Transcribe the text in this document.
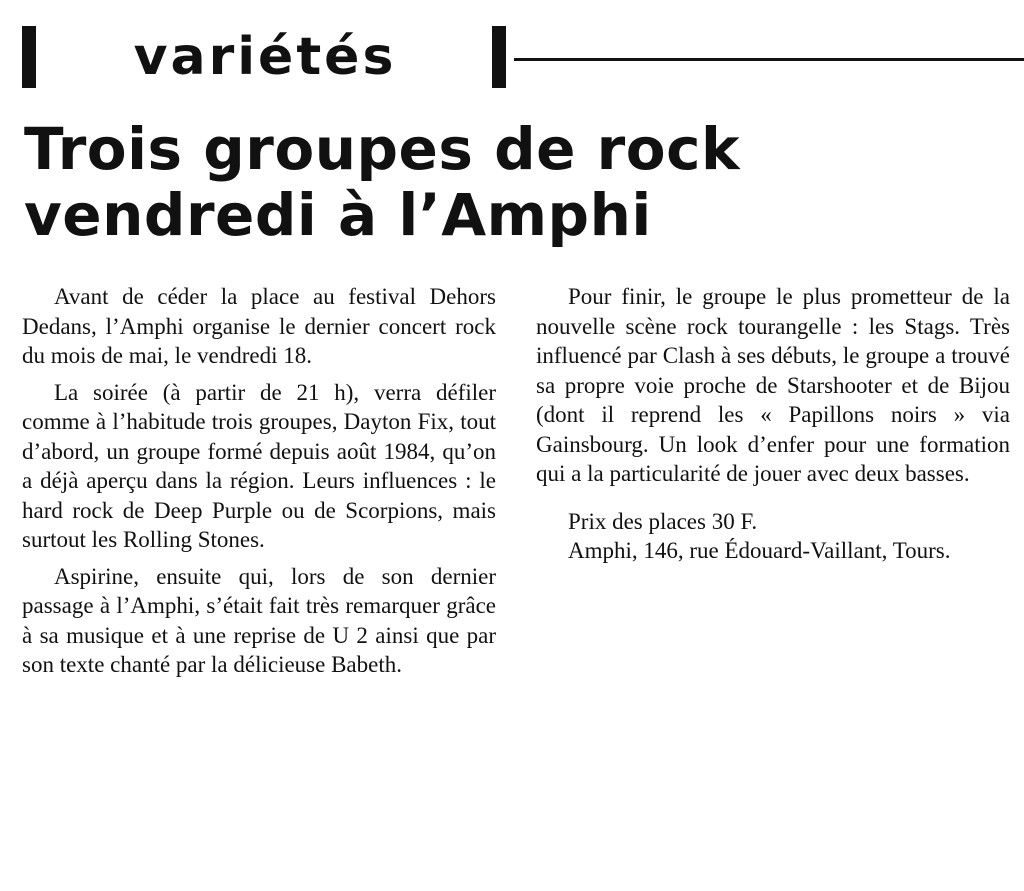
variétés
Trois groupes de rock
vendredi à l’Amphi

Avant de céder la place au festival Dehors Dedans, l’Amphi organise le dernier concert rock du mois de mai, le vendredi 18.

La soirée (à partir de 21 h), verra défiler comme à l’habitude trois groupes, Dayton Fix, tout d’abord, un groupe formé depuis août 1984, qu’on a déjà aperçu dans la région. Leurs influences : le hard rock de Deep Purple ou de Scorpions, mais surtout les Rolling Stones.

Aspirine, ensuite qui, lors de son dernier passage à l’Amphi, s’était fait très remarquer grâce à sa musique et à une reprise de U 2 ainsi que par son texte chanté par la délicieuse Babeth.

Pour finir, le groupe le plus prometteur de la nouvelle scène rock tourangelle : les Stags. Très influencé par Clash à ses débuts, le groupe a trouvé sa propre voie proche de Starshooter et de Bijou (dont il reprend les « Papillons noirs » via Gainsbourg. Un look d’enfer pour une formation qui a la particularité de jouer avec deux basses.

Prix des places 30 F.

Amphi, 146, rue Édouard-Vaillant, Tours.
